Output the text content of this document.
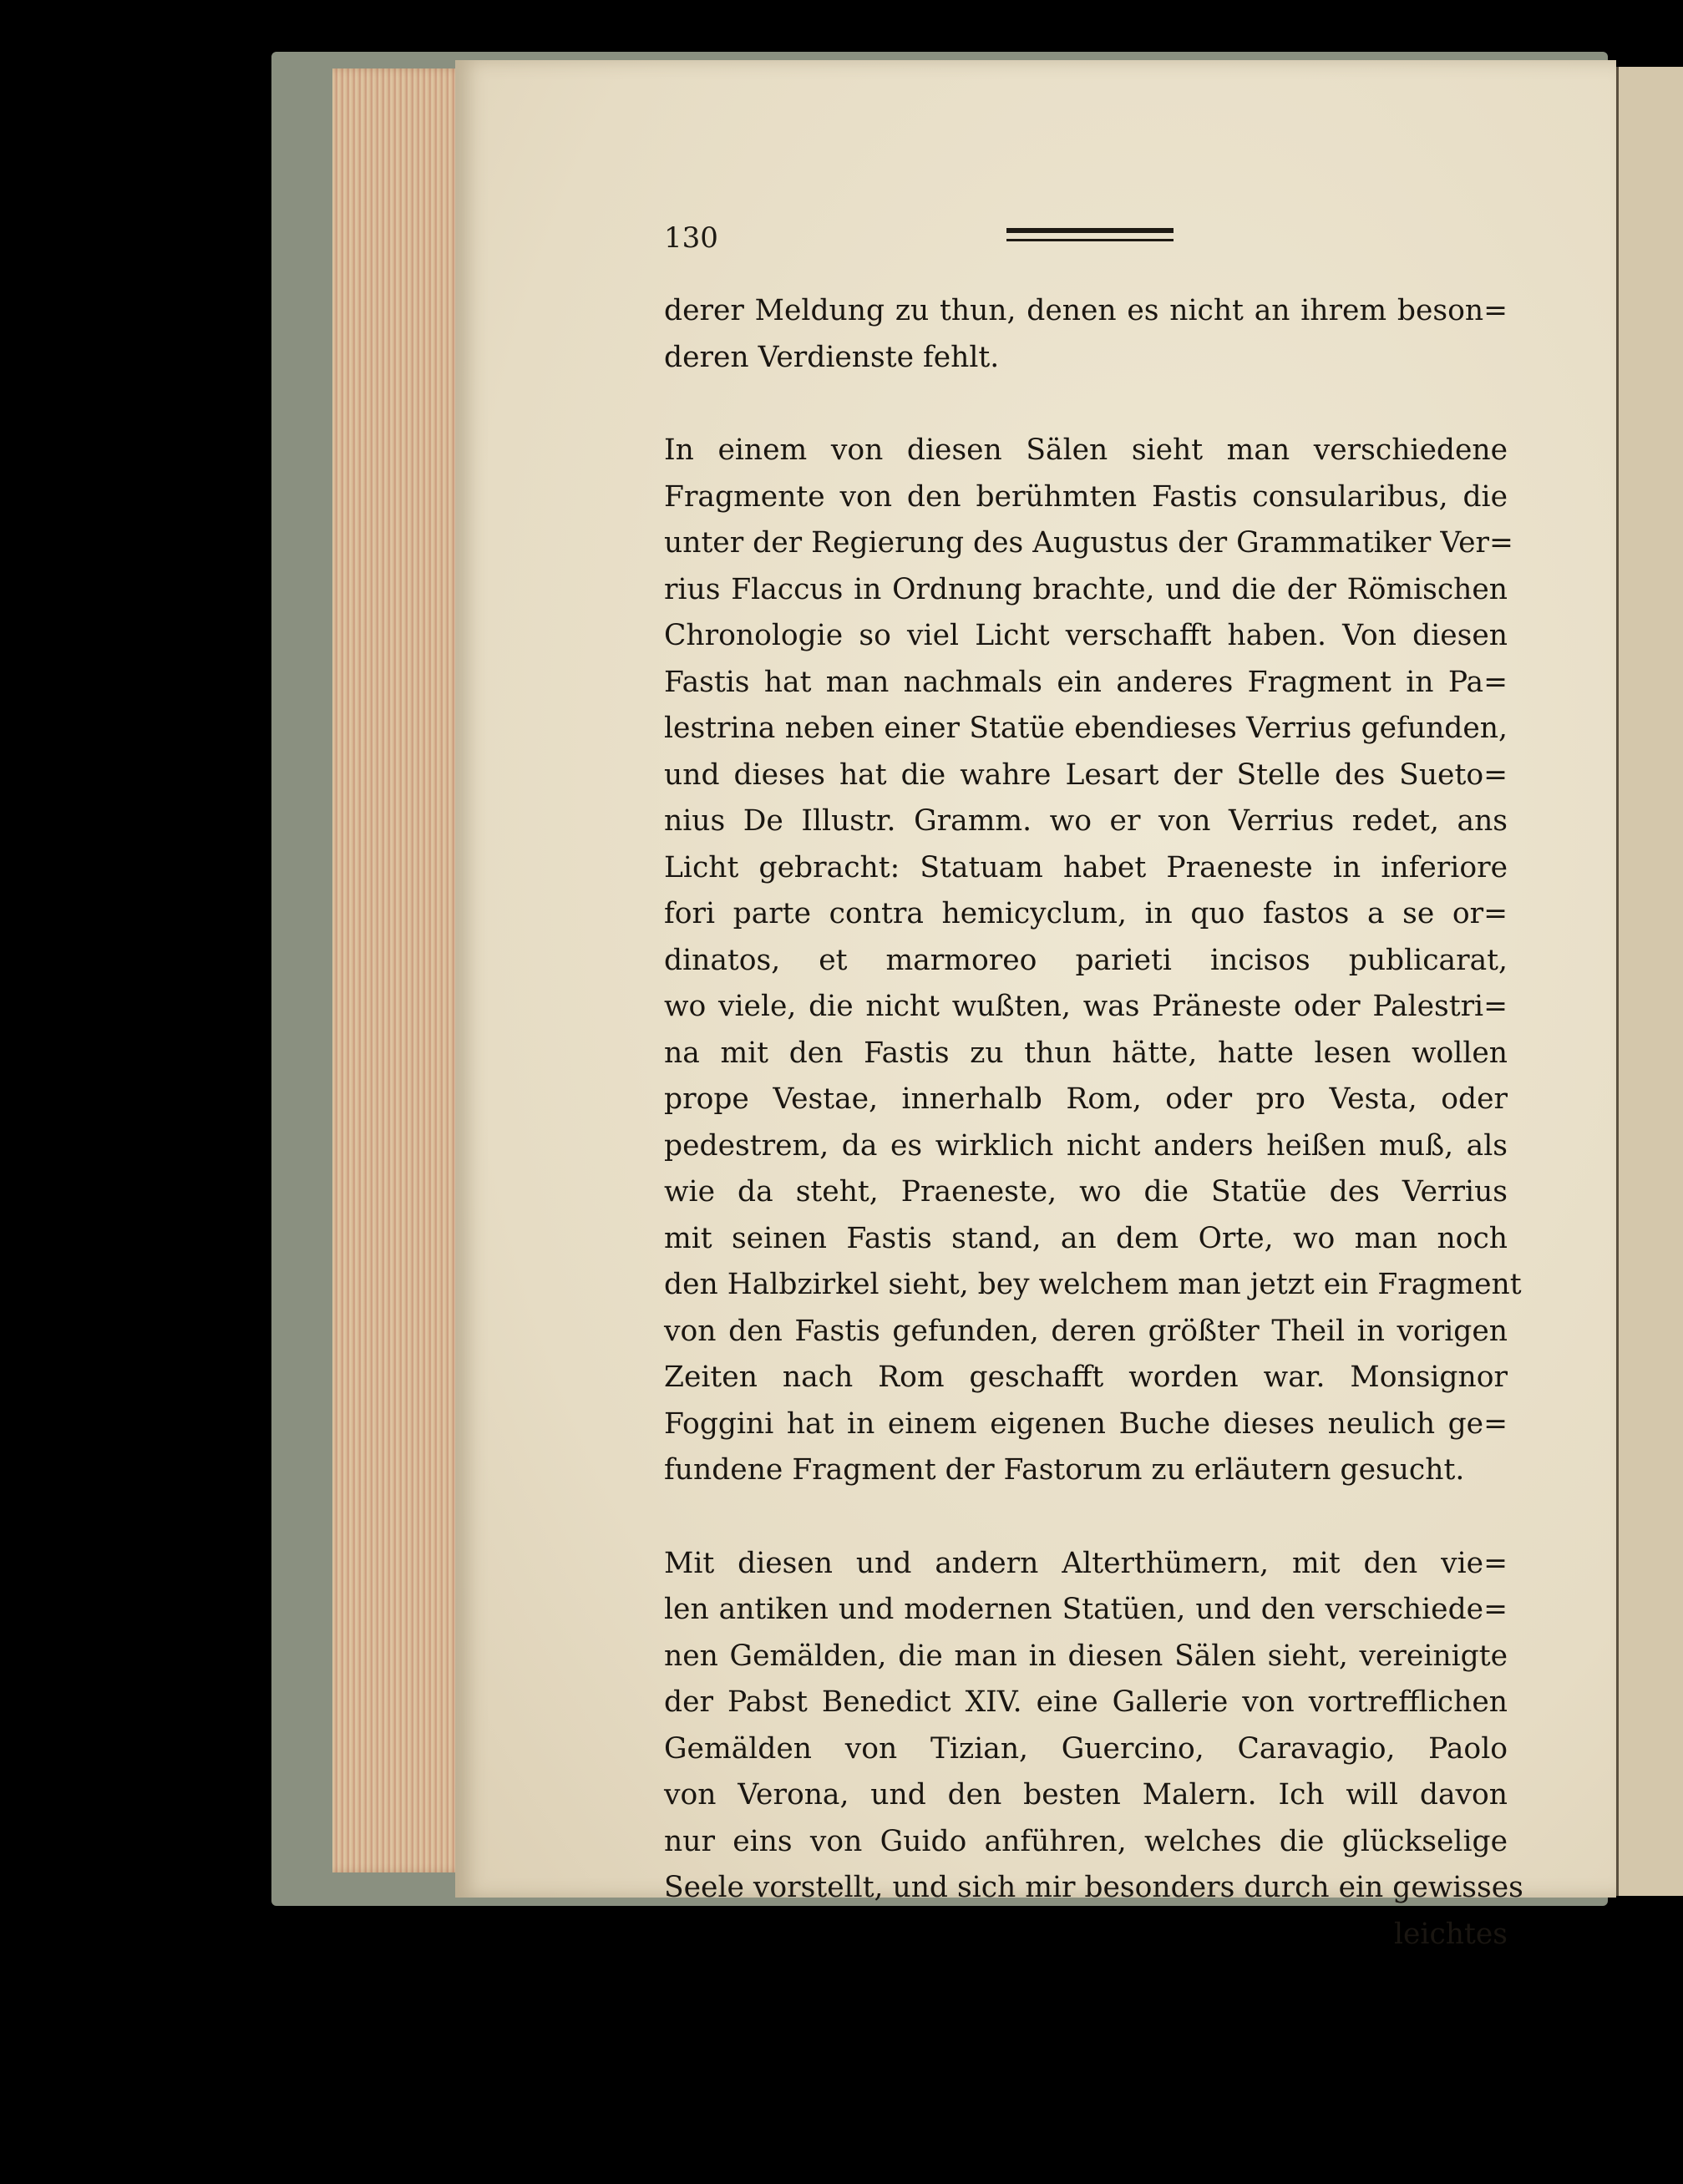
130
derer Meldung zu thun, denen es nicht an ihrem beson=
deren Verdienste fehlt.
In einem von diesen Sälen sieht man verschiedene
Fragmente von den berühmten Fastis consularibus, die
unter der Regierung des Augustus der Grammatiker Ver=
rius Flaccus in Ordnung brachte, und die der Römischen
Chronologie so viel Licht verschafft haben. Von diesen
Fastis hat man nachmals ein anderes Fragment in Pa=
lestrina neben einer Statüe ebendieses Verrius gefunden,
und dieses hat die wahre Lesart der Stelle des Sueto=
nius De Illustr. Gramm. wo er von Verrius redet, ans
Licht gebracht: Statuam habet Praeneste in inferiore
fori parte contra hemicyclum, in quo fastos a se or=
dinatos, et marmoreo parieti incisos publicarat,
wo viele, die nicht wußten, was Präneste oder Palestri=
na mit den Fastis zu thun hätte, hatte lesen wollen
prope Vestae, innerhalb Rom, oder pro Vesta, oder
pedestrem, da es wirklich nicht anders heißen muß, als
wie da steht, Praeneste, wo die Statüe des Verrius
mit seinen Fastis stand, an dem Orte, wo man noch
den Halbzirkel sieht, bey welchem man jetzt ein Fragment
von den Fastis gefunden, deren größter Theil in vorigen
Zeiten nach Rom geschafft worden war. Monsignor
Foggini hat in einem eigenen Buche dieses neulich ge=
fundene Fragment der Fastorum zu erläutern gesucht.
Mit diesen und andern Alterthümern, mit den vie=
len antiken und modernen Statüen, und den verschiede=
nen Gemälden, die man in diesen Sälen sieht, vereinigte
der Pabst Benedict XIV. eine Gallerie von vortrefflichen
Gemälden von Tizian, Guercino, Caravagio, Paolo
von Verona, und den besten Malern. Ich will davon
nur eins von Guido anführen, welches die glückselige
Seele vorstellt, und sich mir besonders durch ein gewisses
leichtes
